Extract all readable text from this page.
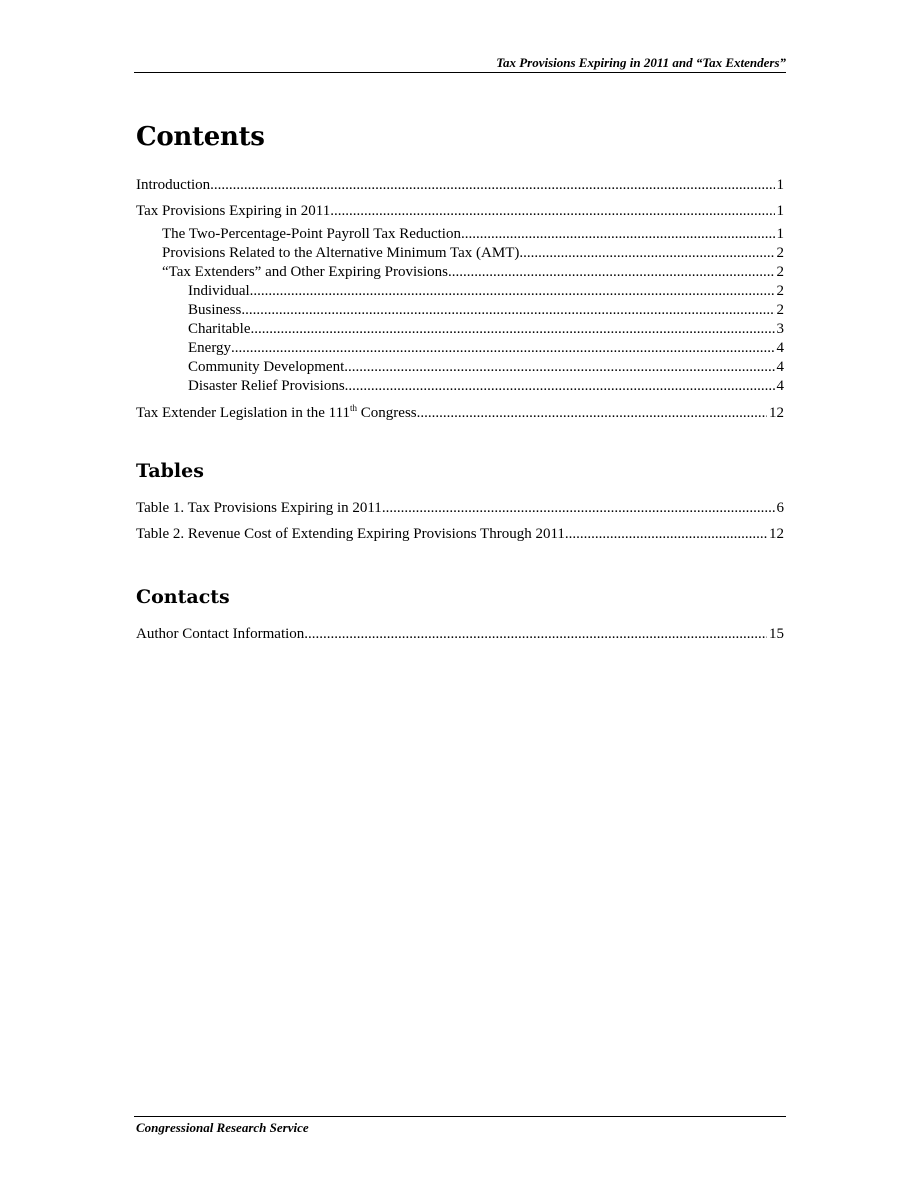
Tax Provisions Expiring in 2011 and “Tax Extenders”
Contents
Introduction .....	1
Tax Provisions Expiring in 2011 .....	1
The Two-Percentage-Point Payroll Tax Reduction .....	1
Provisions Related to the Alternative Minimum Tax (AMT) .....	2
“Tax Extenders” and Other Expiring Provisions .....	2
Individual .....	2
Business .....	2
Charitable .....	3
Energy .....	4
Community Development .....	4
Disaster Relief Provisions .....	4
Tax Extender Legislation in the 111th Congress .....	12
Tables
Table 1. Tax Provisions Expiring in 2011 .....	6
Table 2. Revenue Cost of Extending Expiring Provisions Through 2011 .....	12
Contacts
Author Contact Information .....	15
Congressional Research Service
